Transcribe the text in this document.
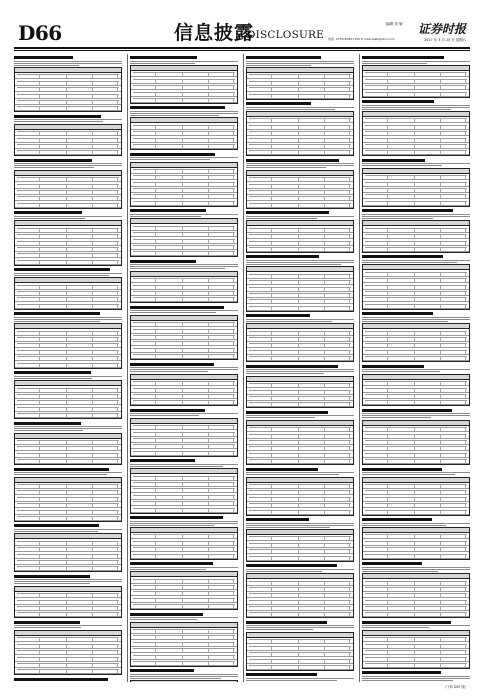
D66	信息披露
DISCLOSURE
编辑 刘 敏 证券时报
电话: 0755-83501750 E-mail:zqsb@stcn.com	2017 年 3 月 25 日 星期六
(下转 D67 版)
